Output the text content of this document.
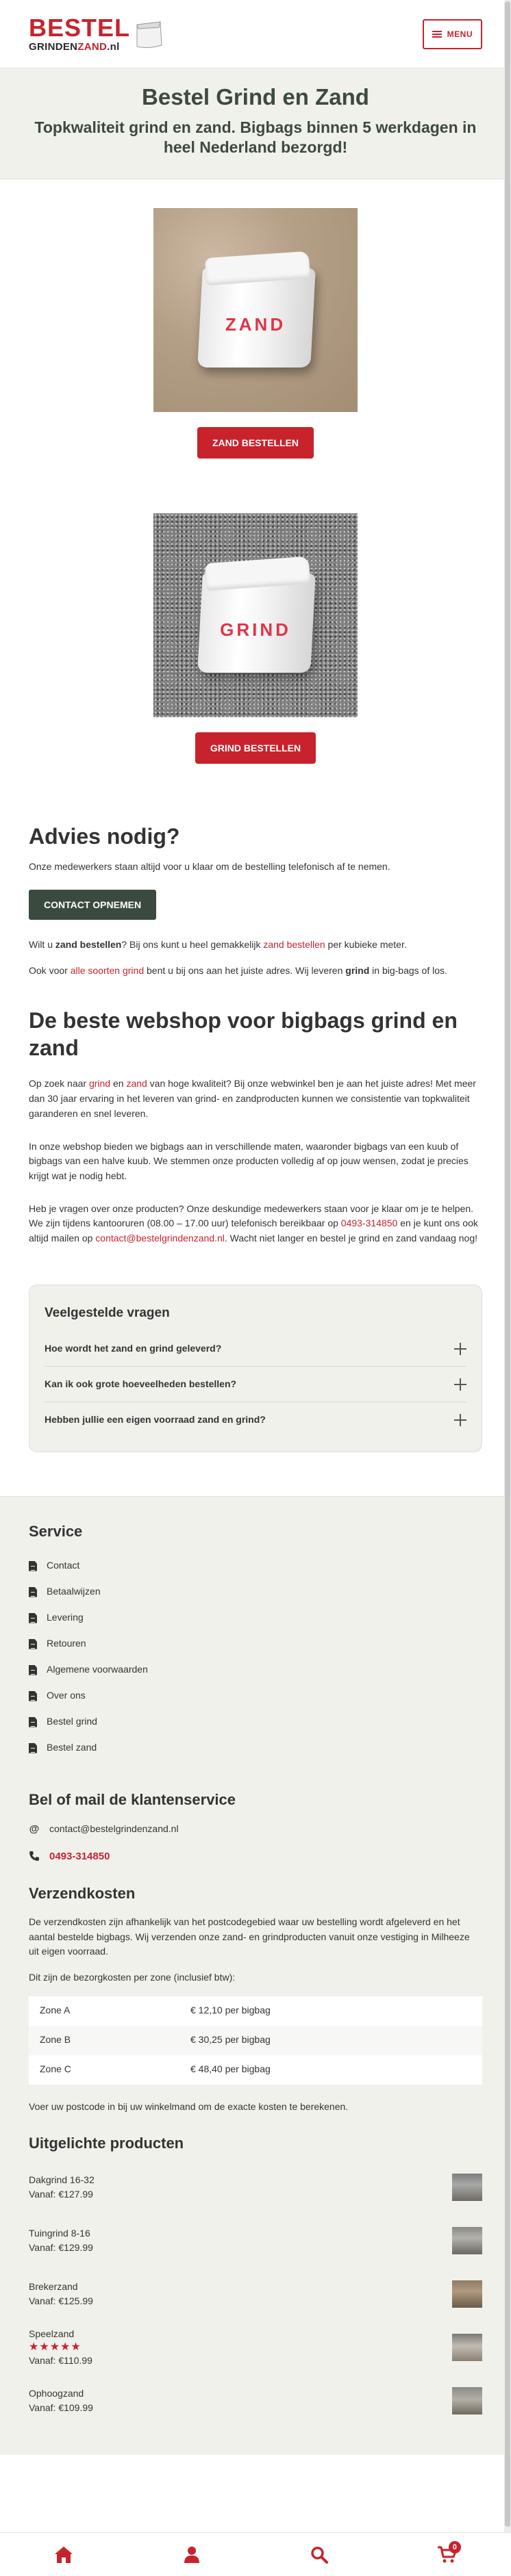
BESTEL
GRINDENZAND.nl
MENU
Bestel Grind en Zand
Topkwaliteit grind en zand. Bigbags binnen 5 werkdagen in heel Nederland bezorgd!
ZAND
ZAND BESTELLEN
GRIND
GRIND BESTELLEN
Advies nodig?

Onze medewerkers staan altijd voor u klaar om de bestelling telefonisch af te nemen.

CONTACT OPNEMEN

Wilt u zand bestellen? Bij ons kunt u heel gemakkelijk zand bestellen per kubieke meter.

Ook voor alle soorten grind bent u bij ons aan het juiste adres. Wij leveren grind in big-bags of los.

De beste webshop voor bigbags grind en zand

Op zoek naar grind en zand van hoge kwaliteit? Bij onze webwinkel ben je aan het juiste adres! Met meer dan 30 jaar ervaring in het leveren van grind- en zandproducten kunnen we consistentie van topkwaliteit garanderen en snel leveren.

In onze webshop bieden we bigbags aan in verschillende maten, waaronder bigbags van een kuub of bigbags van een halve kuub. We stemmen onze producten volledig af op jouw wensen, zodat je precies krijgt wat je nodig hebt.

Heb je vragen over onze producten? Onze deskundige medewerkers staan voor je klaar om je te helpen. We zijn tijdens kantooruren (08.00 – 17.00 uur) telefonisch bereikbaar op 0493-314850 en je kunt ons ook altijd mailen op contact@bestelgrindenzand.nl. Wacht niet langer en bestel je grind en zand vandaag nog!

Veelgestelde vragen
Hoe wordt het zand en grind geleverd?
Kan ik ook grote hoeveelheden bestellen?
Hebben jullie een eigen voorraad zand en grind?
Service
Contact
Betaalwijzen
Levering
Retouren
Algemene voorwaarden
Over ons
Bestel grind
Bestel zand
Bel of mail de klantenservice
@ contact@bestelgrindenzand.nl
0493-314850
Verzendkosten

De verzendkosten zijn afhankelijk van het postcodegebied waar uw bestelling wordt afgeleverd en het aantal bestelde bigbags. Wij verzenden onze zand- en grindproducten vanuit onze vestiging in Milheeze uit eigen voorraad.

Dit zijn de bezorgkosten per zone (inclusief btw):

Zone A	€ 12,10 per bigbag
Zone B	€ 30,25 per bigbag
Zone C	€ 48,40 per bigbag

Voer uw postcode in bij uw winkelmand om de exacte kosten te berekenen.

Uitgelichte producten
Dakgrind 16-32
Vanaf: €127.99
Tuingrind 8-16
Vanaf: €129.99
Brekerzand
Vanaf: €125.99
Speelzand
★★★★★
Vanaf: €110.99
Ophoogzand
Vanaf: €109.99
0
